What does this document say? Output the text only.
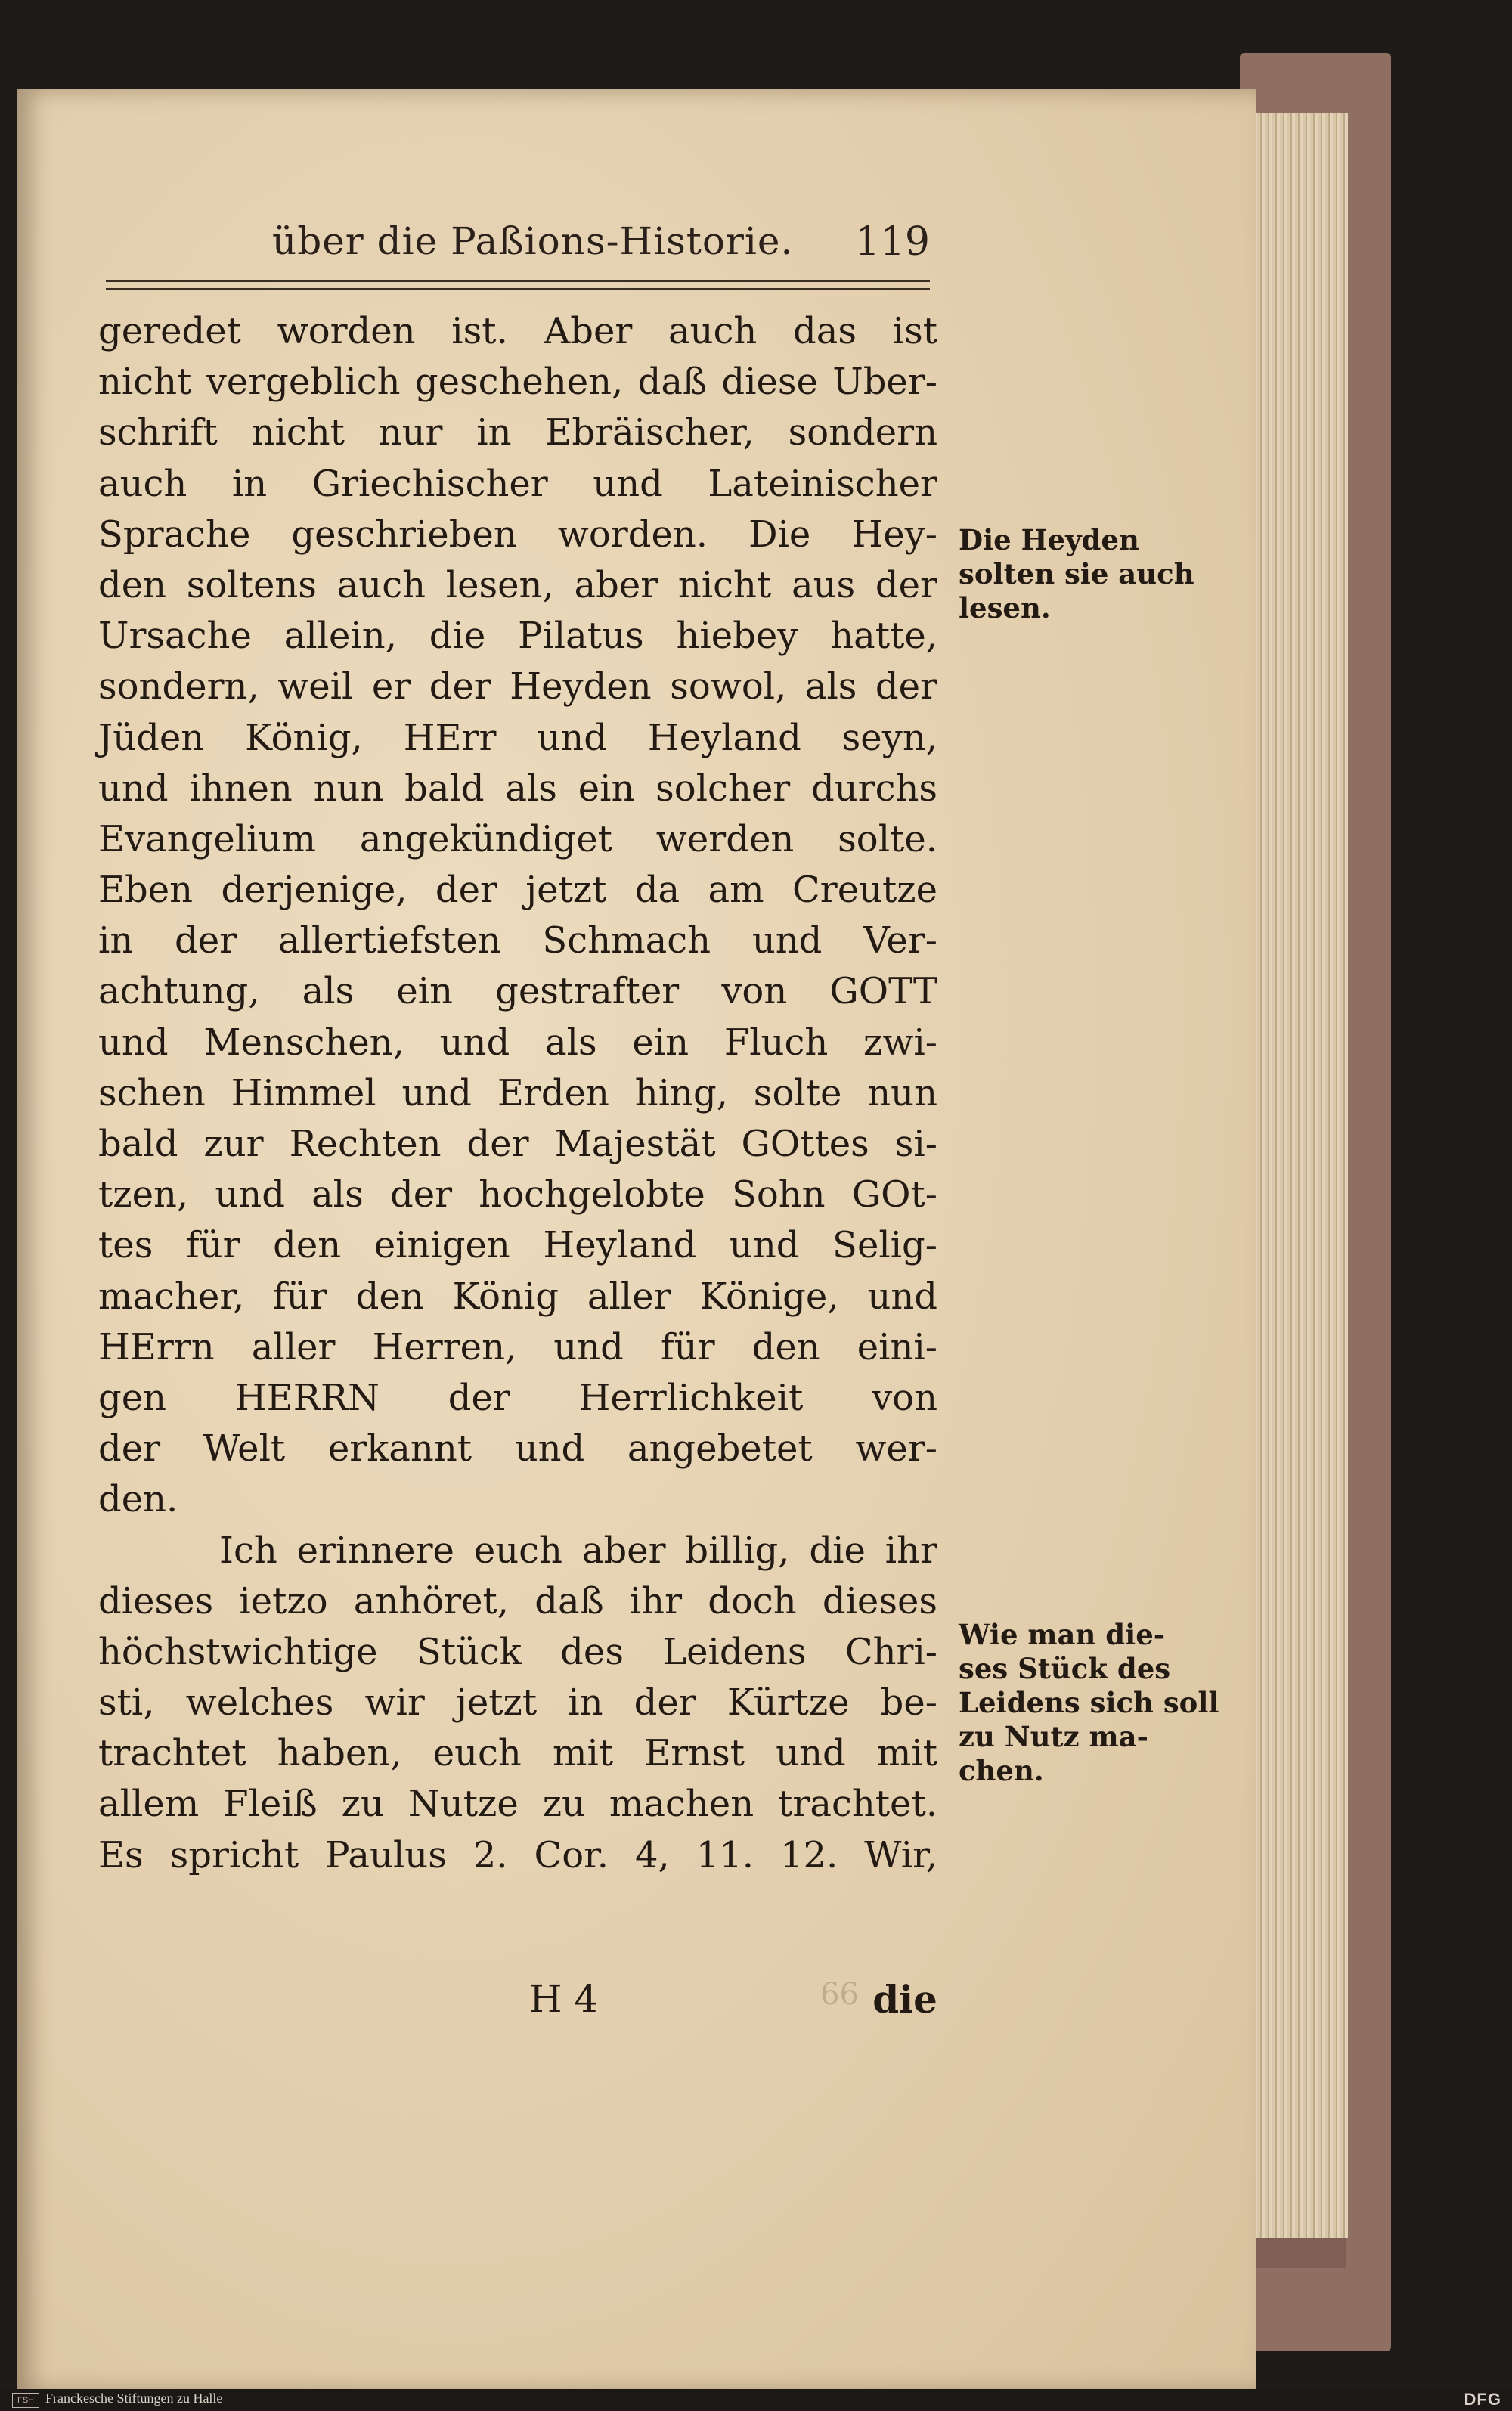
über die Paßions-Historie. 119
geredet worden ist. Aber auch das ist
nicht vergeblich geschehen, daß diese Uber-
schrift nicht nur in Ebräischer, sondern
auch in Griechischer und Lateinischer
Sprache geschrieben worden. Die Hey-
den soltens auch lesen, aber nicht aus der
Ursache allein, die Pilatus hiebey hatte,
sondern, weil er der Heyden sowol, als der
Jüden König, HErr und Heyland seyn,
und ihnen nun bald als ein solcher durchs
Evangelium angekündiget werden solte.
Eben derjenige, der jetzt da am Creutze
in der allertiefsten Schmach und Ver-
achtung, als ein gestrafter von GOTT
und Menschen, und als ein Fluch zwi-
schen Himmel und Erden hing, solte nun
bald zur Rechten der Majestät GOttes si-
tzen, und als der hochgelobte Sohn GOt-
tes für den einigen Heyland und Selig-
macher, für den König aller Könige, und
HErrn aller Herren, und für den eini-
gen HERRN der Herrlichkeit von
der Welt erkannt und angebetet wer-
den.
Ich erinnere euch aber billig, die ihr
dieses ietzo anhöret, daß ihr doch dieses
höchstwichtige Stück des Leidens Chri-
sti, welches wir jetzt in der Kürtze be-
trachtet haben, euch mit Ernst und mit
allem Fleiß zu Nutze zu machen trachtet.
Es spricht Paulus 2. Cor. 4, 11. 12. Wir,
H 4	66 die
Die Heyden
solten sie auch
lesen.
Wie man die-
ses Stück des
Leidens sich soll
zu Nutz ma-
chen.
FSH Franckesche Stiftungen zu Halle	DFG
